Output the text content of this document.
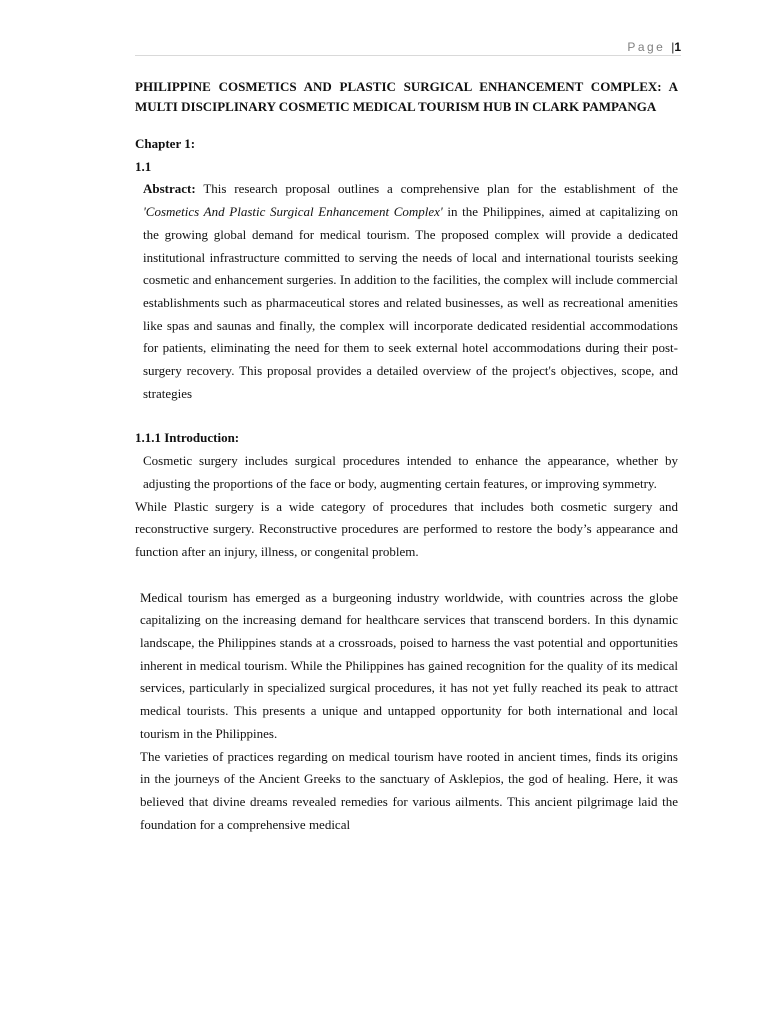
Page |1

PHILIPPINE COSMETICS AND PLASTIC SURGICAL ENHANCEMENT COMPLEX: A MULTI DISCIPLINARY COSMETIC MEDICAL TOURISM HUB IN CLARK PAMPANGA

Chapter 1:

1.1

Abstract: This research proposal outlines a comprehensive plan for the establishment of the 'Cosmetics And Plastic Surgical Enhancement Complex' in the Philippines, aimed at capitalizing on the growing global demand for medical tourism. The proposed complex will provide a dedicated institutional infrastructure committed to serving the needs of local and international tourists seeking cosmetic and enhancement surgeries. In addition to the facilities, the complex will include commercial establishments such as pharmaceutical stores and related businesses, as well as recreational amenities like spas and saunas and finally, the complex will incorporate dedicated residential accommodations for patients, eliminating the need for them to seek external hotel accommodations during their post-surgery recovery. This proposal provides a detailed overview of the project's objectives, scope, and strategies

1.1.1 Introduction:

Cosmetic surgery includes surgical procedures intended to enhance the appearance, whether by adjusting the proportions of the face or body, augmenting certain features, or improving symmetry.

While Plastic surgery is a wide category of procedures that includes both cosmetic surgery and reconstructive surgery. Reconstructive procedures are performed to restore the body’s appearance and function after an injury, illness, or congenital problem.

Medical tourism has emerged as a burgeoning industry worldwide, with countries across the globe capitalizing on the increasing demand for healthcare services that transcend borders. In this dynamic landscape, the Philippines stands at a crossroads, poised to harness the vast potential and opportunities inherent in medical tourism. While the Philippines has gained recognition for the quality of its medical services, particularly in specialized surgical procedures, it has not yet fully reached its peak to attract medical tourists. This presents a unique and untapped opportunity for both international and local tourism in the Philippines.

The varieties of practices regarding on medical tourism have rooted in ancient times, finds its origins in the journeys of the Ancient Greeks to the sanctuary of Asklepios, the god of healing. Here, it was believed that divine dreams revealed remedies for various ailments. This ancient pilgrimage laid the foundation for a comprehensive medical
